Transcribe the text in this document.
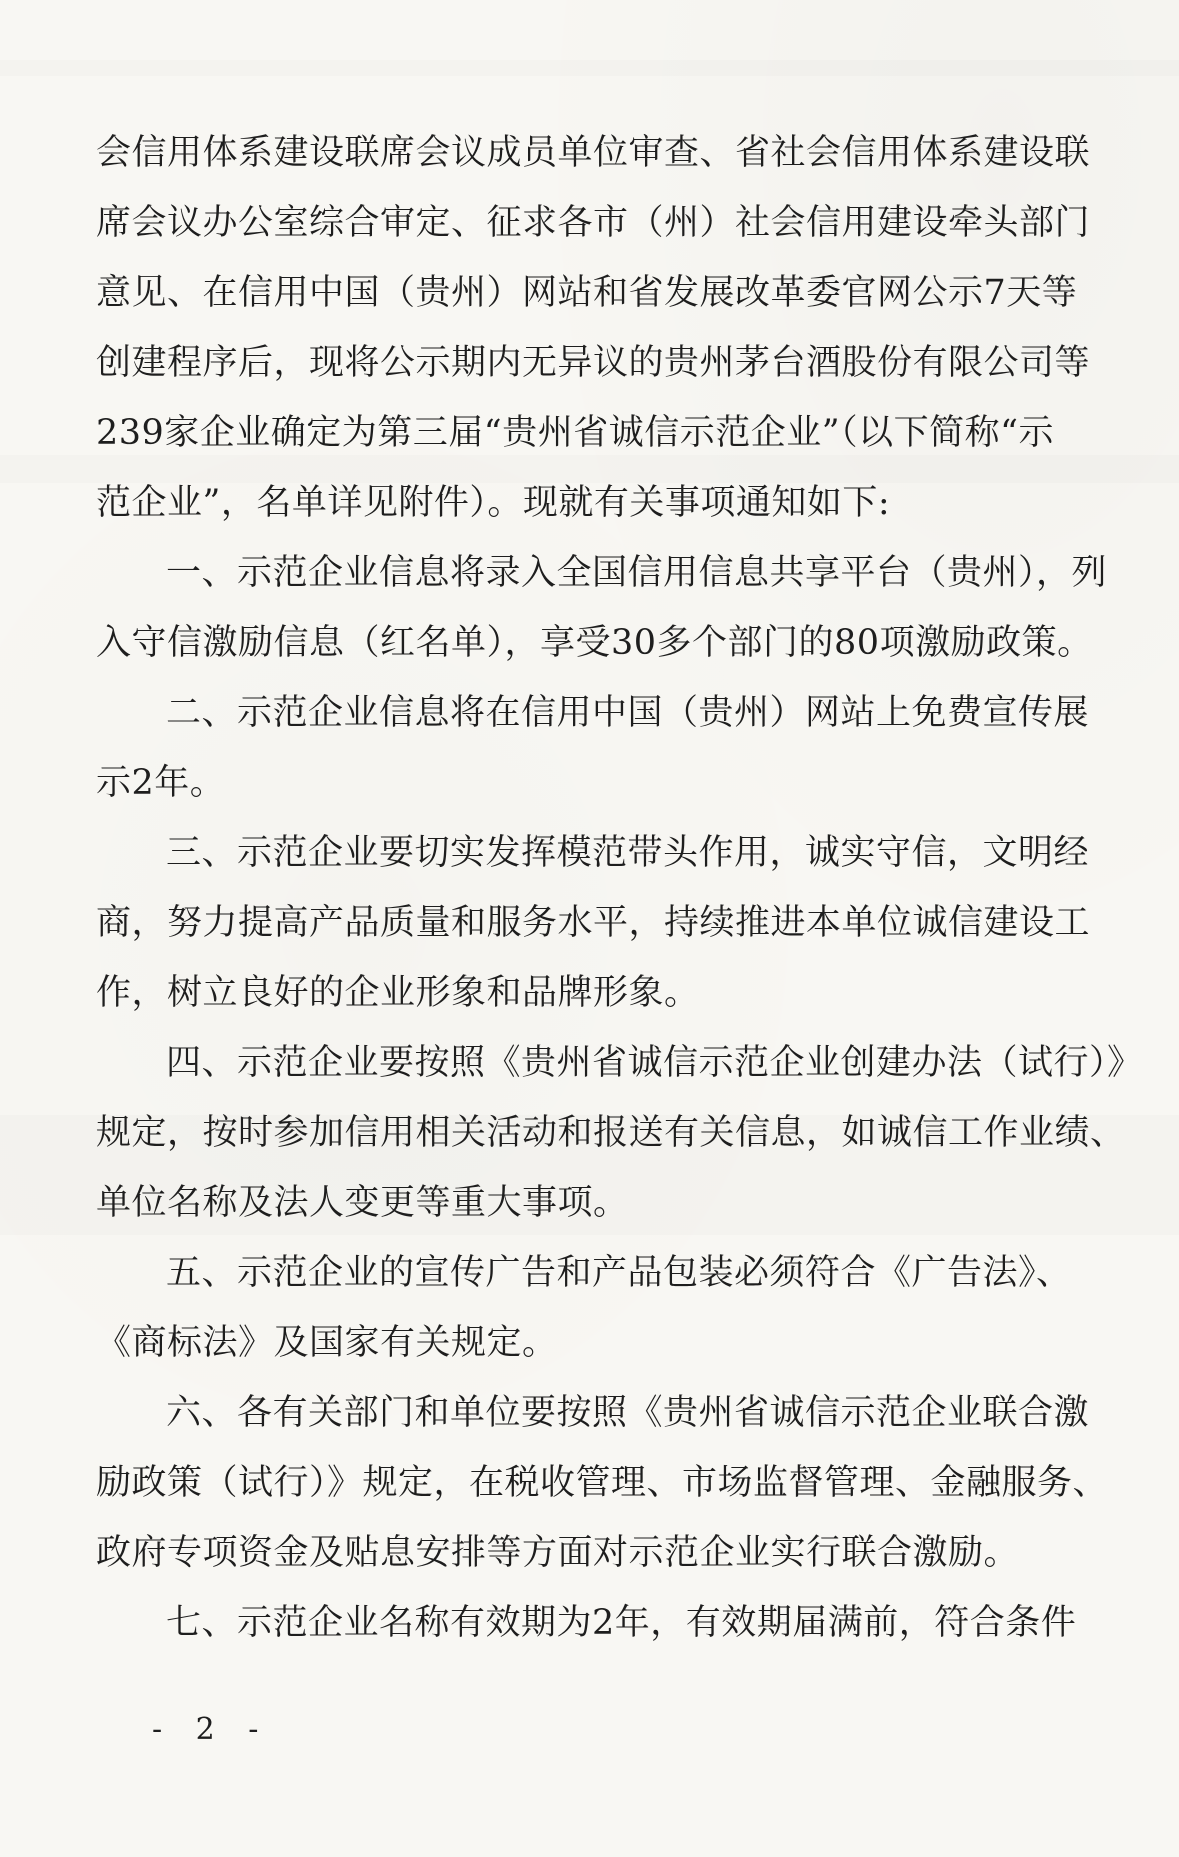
会信用体系建设联席会议成员单位审查、省社会信用体系建设联
席会议办公室综合审定、征求各市（州）社会信用建设牵头部门
意见、在信用中国（贵州）网站和省发展改革委官网公示7天等
创建程序后，现将公示期内无异议的贵州茅台酒股份有限公司等
239家企业确定为第三届“贵州省诚信示范企业”（以下简称“示
范企业”，名单详见附件）。现就有关事项通知如下:
一、示范企业信息将录入全国信用信息共享平台（贵州），列
入守信激励信息（红名单），享受30多个部门的80项激励政策。
二、示范企业信息将在信用中国（贵州）网站上免费宣传展
示2年。
三、示范企业要切实发挥模范带头作用，诚实守信，文明经
商，努力提高产品质量和服务水平，持续推进本单位诚信建设工
作，树立良好的企业形象和品牌形象。
四、示范企业要按照《贵州省诚信示范企业创建办法（试行）》
规定，按时参加信用相关活动和报送有关信息，如诚信工作业绩、
单位名称及法人变更等重大事项。
五、示范企业的宣传广告和产品包装必须符合《广告法》、
《商标法》及国家有关规定。
六、各有关部门和单位要按照《贵州省诚信示范企业联合激
励政策（试行）》规定，在税收管理、市场监督管理、金融服务、
政府专项资金及贴息安排等方面对示范企业实行联合激励。
七、示范企业名称有效期为2年，有效期届满前，符合条件
- 2 -
